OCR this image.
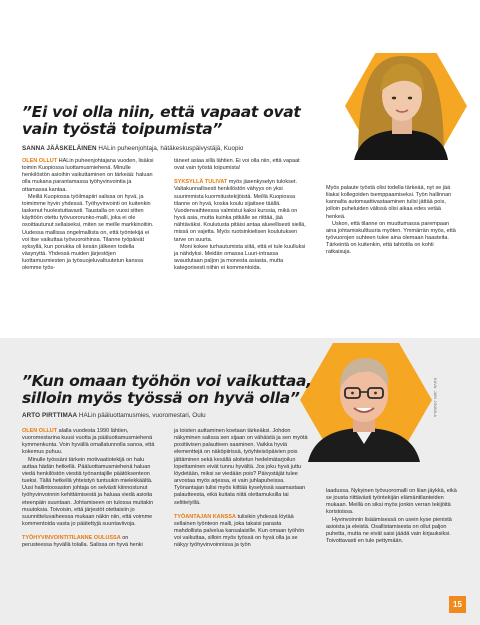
”Ei voi olla niin, että vapaat ovat vain työstä toipumista”
SANNA JÄÄSKELÄINEN HALin puheenjohtaja, hätäkeskuspäivystäjä, Kuopio

OLEN OLLUT HALin puheenjohtajana vuoden, lisäksi toimin Kuopiossa luottamusmiehenä. Minulle henkilöstön asioihin vaikuttaminen on tärkeää: haluan olla mukana parantamassa työhyvinvointia ja ottamassa kantaa.

Meillä Kuopiossa työilmapiiri salissa on hyvä, ja toimimme hyvin yhdessä. Työhyvinvointi on kuitenkin laskenut huolestuttavasti. Taustalla on vuosi sitten käyttöön otettu työvuororunko-malli, joka ei ole osoittautunut sellaiseksi, miten se meille markkinoitiin. Uudessa mallissa ongelmallista on, että työntekijä ei voi itse vaikuttaa työvuoroihinsa. Tilanne työpäivät syksyllä, kun porukka oli kesän jälkeen todella väsynyttä. Yhdessä muiden järjestöjen luottamusmiesten ja työsuojeluvaltuutetun kanssa olemme työs-

täneet asiaa sillä lähtien. Ei voi olla niin, että vapaat ovat vain työstä toipumista!

SYKSYLLÄ TULIVAT myös jäsenkyselyn tulokset. Valtakunnallisesti henkilöstön vähyys on yksi suurimmista kuormitustekijöistä. Meillä Kuopiossa tilanne on hyvä, koska koulu sijaitsee täällä. Vuodenvaihteessa valmistui kaksi kurssia, mikä on hyvä asia, mutta kuinka pitkälle se riittää, jää nähtäväksi. Koulutusta pitäisi antaa alueellisesti siellä, missä on vajetta. Myös ruotsinkielisen koulutuksen tarve on suurta.

Moni kokee turhautumista siitä, että ei tule kuulluksi ja nähdyksi. Meidän omassa Luuri-intrassa avaudutaan paljon ja monesta asiasta, mutta kategorisesti niihin ei kommentoida.

Myös palaute työstä olisi todella tärkeää, nyt se jää liiaksi kollegoiden tsemppaamiseksi. Työn hallinnan kannalta automaattivastaaminen tulisi jättää pois, jolloin puheluiden välissä olisi aikaa edes vetää henkeä.

Uskon, että tilanne on muuttumassa parempaan aina johtamiskulttuuria myöten. Ymmärrän myös, että työvuorojen suhteen tulee aina olemaan haasteita. Tärkeintä on kuitenkin, että tahtotila on kohti ratkaisuja.

KUVA: JARI JOUNILA
”Kun omaan työhön voi vaikuttaa, silloin myös työssä on hyvä olla”
ARTO PIRTTIMAA HALin pääluottamusmies, vuoromestari, Oulu

OLEN OLLUT alalla vuodesta 1990 lähtien, vuoromestarina kuusi vuotta ja pääluottamusmiehenä kymmenkunta. Voin hyvällä omallatunnolla sanoa, että kokemus puhuu.

Minulle työssäni tärkein motivaatiotekijä on halu auttaa hädän hetkellä. Pääluottamusmiehenä haluan viedä henkilöstön viestiä työnantajille päätöksenteon tueksi. Tällä hetkellä yhteistyö tuntuukin mielekkäältä. Uusi hallintoosaston johtaja on selvästi kiinnostunut työhyvinvoinnin kehittämisestä ja haluaa viedä asioita eteenpäin suuntaan. Johtamiseen on tulossa muitakin muutoksia. Toivoisin, että järjestöt otettaisiin jo suunnitteluvaiheessa mukaan näkin niin, että voimme kommentoida vasta jo päätettyjä suuntaviivoja.

TYÖHYVINVOINTITILANNE OULUSSA on perusteessa hyvällä tolalla. Salissa on hyvä henki

ja toisten auttaminen koetaan tärkeäksi. Johdon näkyminen salissa sen sijaan on vähäistä ja sen myötä positiivisen palautteen saaminen. Vaikka hyviä elementtejä on näköpiirissä, työyhteisöpäivien pois jättäminen sekä kesällä aloitetun hedelmätarjoilun lopettaminen eivät tunnu hyvältä. Jos joku hyvä juttu löydetään, miksi se viedään pois? Päivystäjät tulee arvostaa myös arjessa, ei vain juhlapuheissa. Työnantajan tulisi myös kiittää kyselyissä saamastaan palautteesta, eikä kuitata niitä olettamuksilla tai selittelyillä.

TYÖANTAJAN KANSSA tulisikin yhdessä löytää sellainen työnteon malli, joka takaisi parasta mahdollista palvelua kansalaisille. Kun omaan työhön voi vaikuttaa, silloin myös työssä on hyvä olla ja se näkyy työhyvinvoinnissa ja työn

laadussa. Nykyinen työvuoromalli on liian jäykkä, eikä se jousta riittävästi työntekijän elämäntilanteiden mukaan. Meillä on siksi myös jonkin verran tekijöitä koristoissa.

Hyvinvoinnin lisäämisessä on usein kyse pienistä asioista ja eleistä. Osallistamisesta on ollut paljon puhetta, mutta ne eivät saisi jäädä vain kirjauksiksi. Toivottavasti en tule pettymään.

15
